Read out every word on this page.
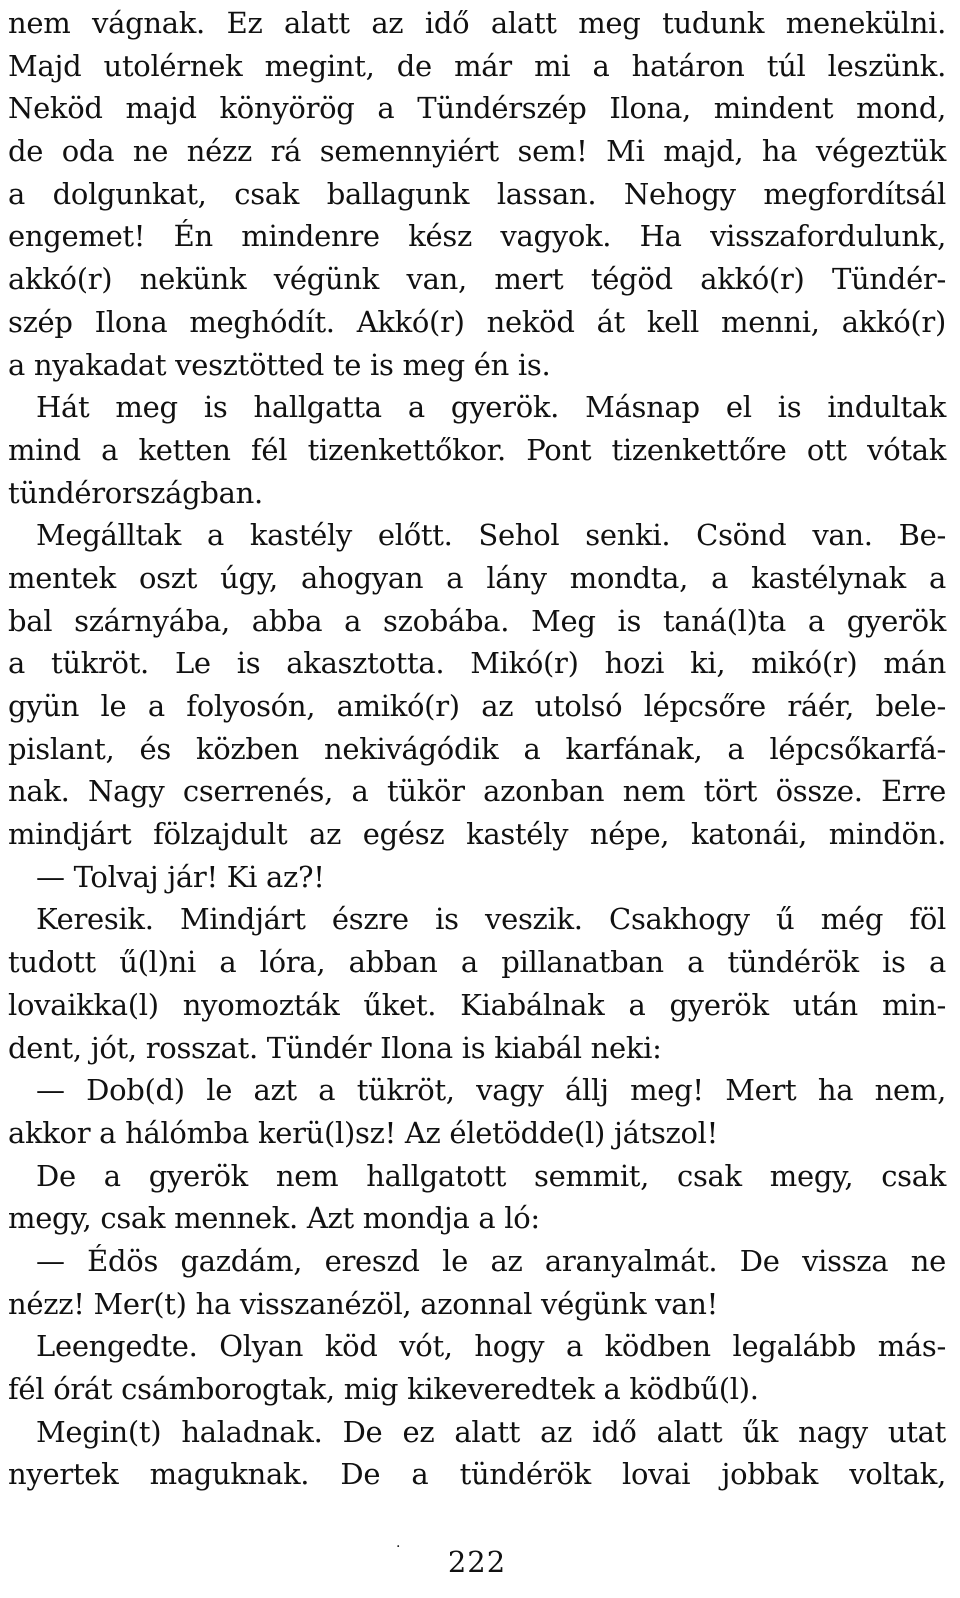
nem vágnak. Ez alatt az idő alatt meg tudunk menekülni.
Majd utolérnek megint, de már mi a határon túl leszünk.
Neköd majd könyörög a Tündérszép Ilona, mindent mond,
de oda ne nézz rá semennyiért sem! Mi majd, ha végeztük
a dolgunkat, csak ballagunk lassan. Nehogy megfordítsál
engemet! Én mindenre kész vagyok. Ha visszafordulunk,
akkó(r) nekünk végünk van, mert tégöd akkó(r) Tündér-
szép Ilona meghódít. Akkó(r) neköd át kell menni, akkó(r)
a nyakadat vesztötted te is meg én is.
Hát meg is hallgatta a gyerök. Másnap el is indultak
mind a ketten fél tizenkettőkor. Pont tizenkettőre ott vótak
tündérországban.
Megálltak a kastély előtt. Sehol senki. Csönd van. Be-
mentek oszt úgy, ahogyan a lány mondta, a kastélynak a
bal szárnyába, abba a szobába. Meg is taná(l)ta a gyerök
a tükröt. Le is akasztotta. Mikó(r) hozi ki, mikó(r) mán
gyün le a folyosón, amikó(r) az utolsó lépcsőre ráér, bele-
pislant, és közben nekivágódik a karfának, a lépcsőkarfá-
nak. Nagy cserrenés, a tükör azonban nem tört össze. Erre
mindjárt fölzajdult az egész kastély népe, katonái, mindön.
— Tolvaj jár! Ki az?!
Keresik. Mindjárt észre is veszik. Csakhogy ű még föl
tudott ű(l)ni a lóra, abban a pillanatban a tündérök is a
lovaikka(l) nyomozták űket. Kiabálnak a gyerök után min-
dent, jót, rosszat. Tündér Ilona is kiabál neki:
— Dob(d) le azt a tükröt, vagy állj meg! Mert ha nem,
akkor a hálómba kerü(l)sz! Az életödde(l) játszol!
De a gyerök nem hallgatott semmit, csak megy, csak
megy, csak mennek. Azt mondja a ló:
— Édös gazdám, ereszd le az aranyalmát. De vissza ne
nézz! Mer(t) ha visszanézöl, azonnal végünk van!
Leengedte. Olyan köd vót, hogy a ködben legalább más-
fél órát csámborogtak, mig kikeveredtek a ködbű(l).
Megin(t) haladnak. De ez alatt az idő alatt űk nagy utat
nyertek maguknak. De a tündérök lovai jobbak voltak,
·	222
